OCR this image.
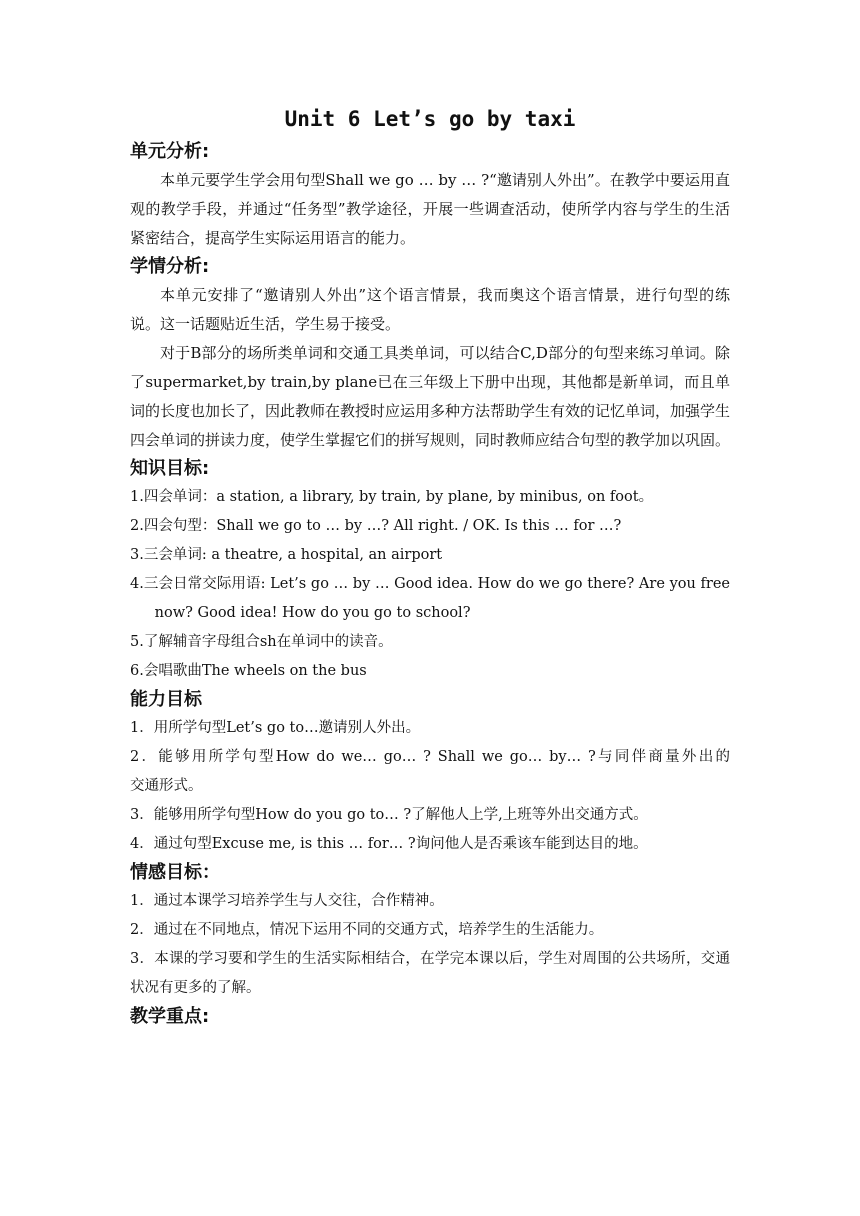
Unit 6 Let’s go by taxi

单元分析:

本单元要学生学会用句型Shall we go … by … ?“邀请别人外出”。在教学中要运用直观的教学手段，并通过“任务型”教学途径，开展一些调查活动，使所学内容与学生的生活紧密结合，提高学生实际运用语言的能力。

学情分析:

本单元安排了“邀请别人外出”这个语言情景，我而奥这个语言情景，进行句型的练说。这一话题贴近生活，学生易于接受。

对于B部分的场所类单词和交通工具类单词，可以结合C,D部分的句型来练习单词。除了supermarket,by train,by plane已在三年级上下册中出现，其他都是新单词，而且单词的长度也加长了，因此教师在教授时应运用多种方法帮助学生有效的记忆单词，加强学生四会单词的拼读力度，使学生掌握它们的拼写规则，同时教师应结合句型的教学加以巩固。

知识目标:

1.四会单词：a station, a library, by train, by plane, by minibus, on foot。

2.四会句型：Shall we go to … by …? All right. / OK. Is this … for …?

3.三会单词: a theatre, a hospital, an airport

4.三会日常交际用语: Let’s go … by … Good idea. How do we go there? Are you free now? Good idea! How do you go to school?

5.了解辅音字母组合sh在单词中的读音。

6.会唱歌曲The wheels on the bus

能力目标

1．用所学句型Let’s go to…邀请别人外出。

2．能够用所学句型How do we… go… ? Shall we go… by… ?与同伴商量外出的　　　　　　交通形式。

3．能够用所学句型How do you go to… ?了解他人上学,上班等外出交通方式。

4．通过句型Excuse me, is this … for… ?询问他人是否乘该车能到达目的地。

情感目标：

1．通过本课学习培养学生与人交往，合作精神。

2．通过在不同地点，情况下运用不同的交通方式，培养学生的生活能力。

3．本课的学习要和学生的生活实际相结合，在学完本课以后，学生对周围的公共场所，交通状况有更多的了解。

教学重点:
